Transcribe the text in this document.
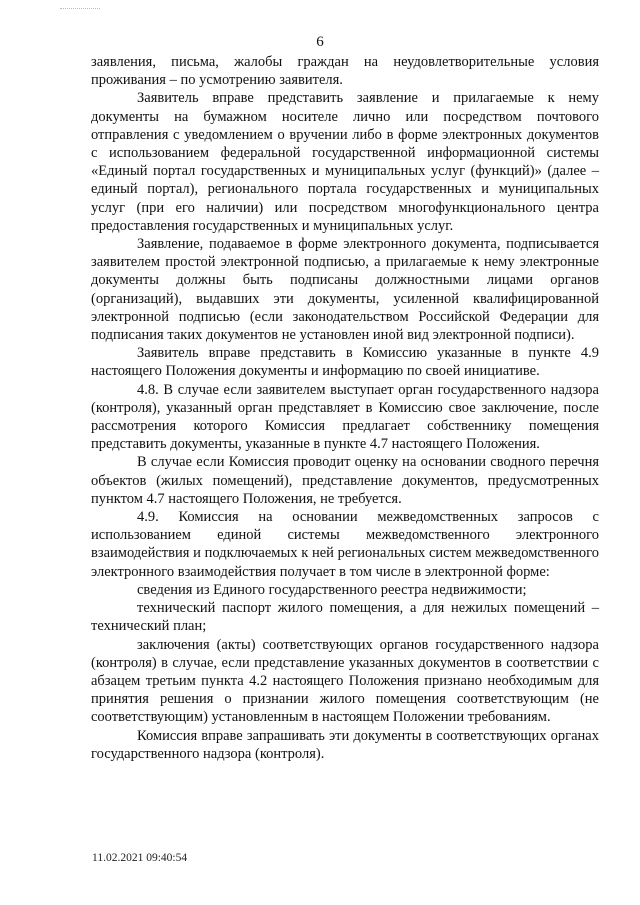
6

заявления, письма, жалобы граждан на неудовлетворительные условия проживания – по усмотрению заявителя.

Заявитель вправе представить заявление и прилагаемые к нему документы на бумажном носителе лично или посредством почтового отправления с уведомлением о вручении либо в форме электронных документов с использованием федеральной государственной информационной системы «Единый портал государственных и муниципальных услуг (функций)» (далее – единый портал), регионального портала государственных и муниципальных услуг (при его наличии) или посредством многофункционального центра предоставления государственных и муниципальных услуг.

Заявление, подаваемое в форме электронного документа, подписывается заявителем простой электронной подписью, а прилагаемые к нему электронные документы должны быть подписаны должностными лицами органов (организаций), выдавших эти документы, усиленной квалифицированной электронной подписью (если законодательством Российской Федерации для подписания таких документов не установлен иной вид электронной подписи).

Заявитель вправе представить в Комиссию указанные в пункте 4.9 настоящего Положения документы и информацию по своей инициативе.

4.8. В случае если заявителем выступает орган государственного надзора (контроля), указанный орган представляет в Комиссию свое заключение, после рассмотрения которого Комиссия предлагает собственнику помещения представить документы, указанные в пункте 4.7 настоящего Положения.

В случае если Комиссия проводит оценку на основании сводного перечня объектов (жилых помещений), представление документов, предусмотренных пунктом 4.7 настоящего Положения, не требуется.

4.9. Комиссия на основании межведомственных запросов с использованием единой системы межведомственного электронного взаимодействия и подключаемых к ней региональных систем межведомственного электронного взаимодействия получает в том числе в электронной форме:

сведения из Единого государственного реестра недвижимости;

технический паспорт жилого помещения, а для нежилых помещений – технический план;

заключения (акты) соответствующих органов государственного надзора (контроля) в случае, если представление указанных документов в соответствии с абзацем третьим пункта 4.2 настоящего Положения признано необходимым для принятия решения о признании жилого помещения соответствующим (не соответствующим) установленным в настоящем Положении требованиям.

Комиссия вправе запрашивать эти документы в соответствующих органах государственного надзора (контроля).

11.02.2021 09:40:54
